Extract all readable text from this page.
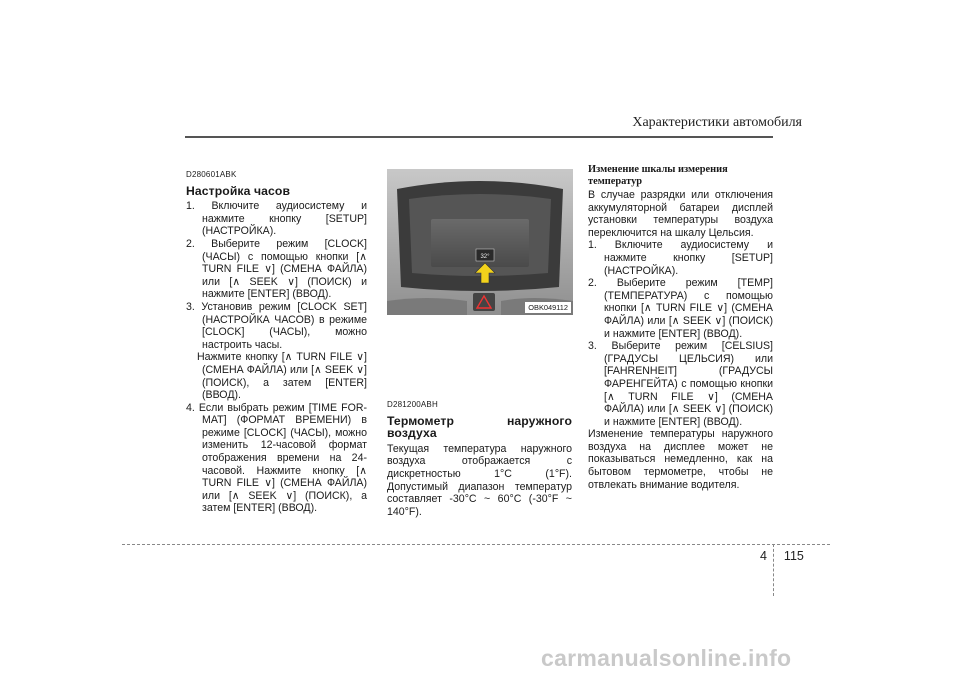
Характеристики автомобиля

D280601ABK

Настройка часов

1. Включите аудиосистему и нажмите кнопку [SETUP] (НАСТРОЙКА).

2. Выберите режим [CLOCK] (ЧАСЫ) с помощью кнопки [∧ TURN FILE ∨] (СМЕНА ФАЙЛА) или [∧ SEEK ∨] (ПОИСК) и нажмите [ENTER] (ВВОД).

3. Установив режим [CLOCK SET] (НАСТРОЙКА ЧАСОВ) в режиме [CLOCK] (ЧАСЫ), можно настроить часы.

Нажмите кнопку [∧ TURN FILE ∨] (СМЕНА ФАЙЛА) или [∧ SEEK ∨] (ПОИСК), а затем [ENTER] (ВВОД).

4. Если выбрать режим [TIME FOR-MAT] (ФОРМАТ ВРЕМЕНИ) в режиме [CLOCK] (ЧАСЫ), можно изменить 12-часовой формат отображения времени на 24-часовой. Нажмите кнопку [∧ TURN FILE ∨] (СМЕНА ФАЙЛА) или [∧ SEEK ∨] (ПОИСК), а затем [ENTER] (ВВОД).

32°
OBK049112

D281200ABH

Термометр наружного воздуха

Текущая температура наружного воздуха отображается с дискретностью 1°C (1°F). Допустимый диапазон температур составляет -30°C ~ 60°C (-30°F ~ 140°F).

Изменение шкалы измерения температур

В случае разрядки или отключения аккумуляторной батареи дисплей установки температуры воздуха переключится на шкалу Цельсия.

1. Включите аудиосистему и нажмите кнопку [SETUP] (НАСТРОЙКА).

2. Выберите режим [TEMP] (ТЕМПЕРАТУРА) с помощью кнопки [∧ TURN FILE ∨] (СМЕНА ФАЙЛА) или [∧ SEEK ∨] (ПОИСК) и нажмите [ENTER] (ВВОД).

3. Выберите режим [CELSIUS] (ГРАДУСЫ ЦЕЛЬСИЯ) или [FAHRENHEIT] (ГРАДУСЫ ФАРЕНГЕЙТА) с помощью кнопки [∧ TURN FILE ∨] (СМЕНА ФАЙЛА) или [∧ SEEK ∨] (ПОИСК) и нажмите [ENTER] (ВВОД).

Изменение температуры наружного воздуха на дисплее может не показываться немедленно, как на бытовом термометре, чтобы не отвлекать внимание водителя.

4 115
carmanualsonline.info
